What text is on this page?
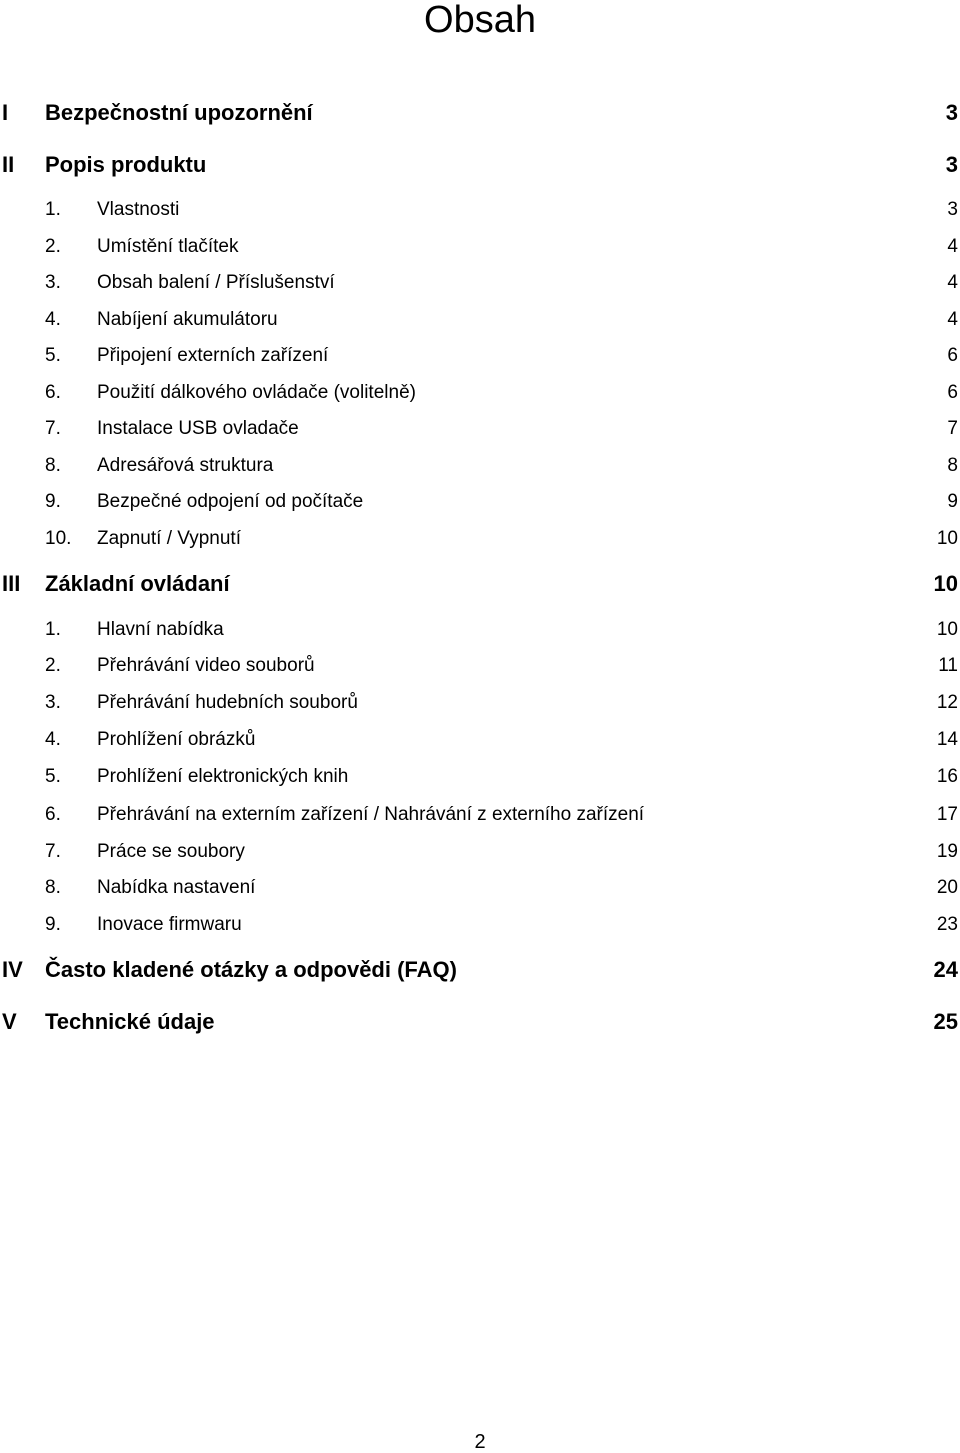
Obsah
I	Bezpečnostní upozornění	3
II	Popis produktu	3
1.	Vlastnosti	3
2.	Umístění tlačítek	4
3.	Obsah balení / Příslušenství	4
4.	Nabíjení akumulátoru	4
5.	Připojení externích zařízení	6
6.	Použití dálkového ovládače (volitelně)	6
7.	Instalace USB ovladače	7
8.	Adresářová struktura	8
9.	Bezpečné odpojení od počítače	9
10.	Zapnutí / Vypnutí	10
III	Základní ovládaní	10
1.	Hlavní nabídka	10
2.	Přehrávání video souborů	11
3.	Přehrávání hudebních souborů	12
4.	Prohlížení obrázků	14
5.	Prohlížení elektronických knih	16
6.	Přehrávání na externím zařízení / Nahrávání z externího zařízení	17
7.	Práce se soubory	19
8.	Nabídka nastavení	20
9.	Inovace firmwaru	23
IV	Často kladené otázky a odpovědi (FAQ)	24
V	Technické údaje	25
2
